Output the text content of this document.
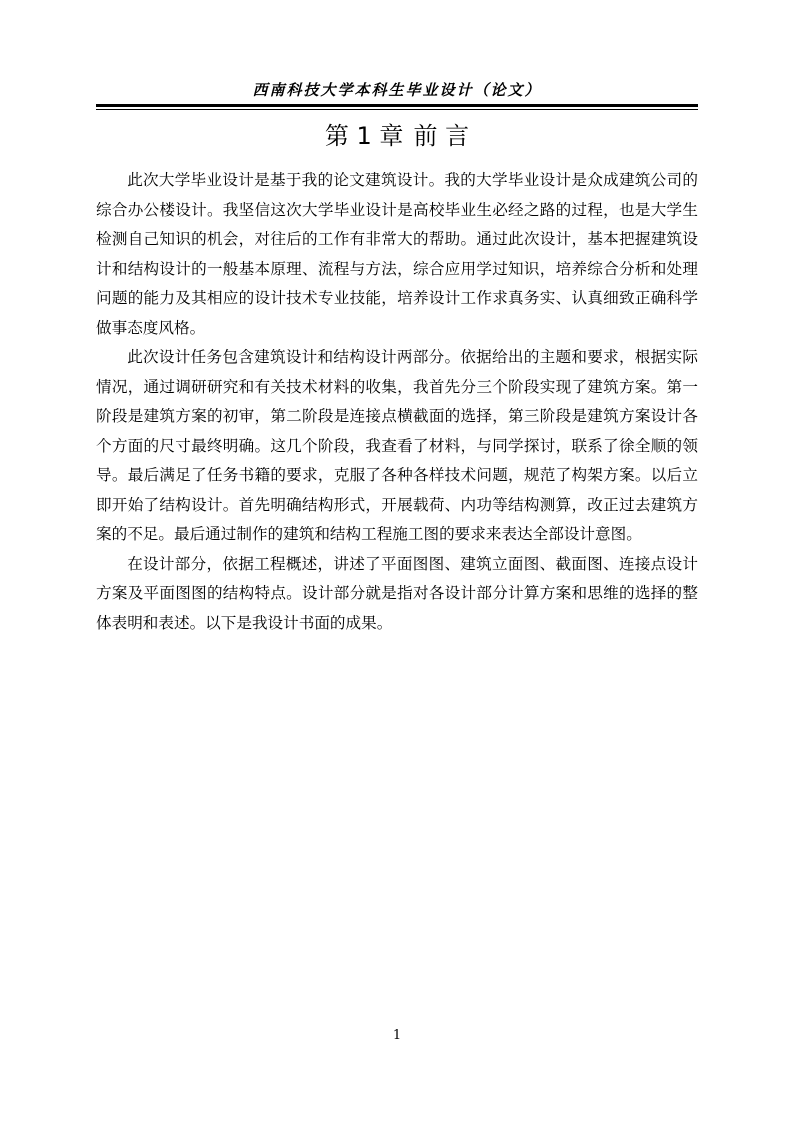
西南科技大学本科生毕业设计（论文）
第 1 章 前 言

此次大学毕业设计是基于我的论文建筑设计。我的大学毕业设计是众成建筑公司的综合办公楼设计。我坚信这次大学毕业设计是高校毕业生必经之路的过程，也是大学生检测自己知识的机会，对往后的工作有非常大的帮助。通过此次设计，基本把握建筑设计和结构设计的一般基本原理、流程与方法，综合应用学过知识，培养综合分析和处理问题的能力及其相应的设计技术专业技能，培养设计工作求真务实、认真细致正确科学做事态度风格。

此次设计任务包含建筑设计和结构设计两部分。依据给出的主题和要求，根据实际情况，通过调研研究和有关技术材料的收集，我首先分三个阶段实现了建筑方案。第一阶段是建筑方案的初审，第二阶段是连接点横截面的选择，第三阶段是建筑方案设计各个方面的尺寸最终明确。这几个阶段，我查看了材料，与同学探讨，联系了徐全顺的领导。最后满足了任务书籍的要求，克服了各种各样技术问题，规范了构架方案。以后立即开始了结构设计。首先明确结构形式，开展载荷、内功等结构测算，改正过去建筑方案的不足。最后通过制作的建筑和结构工程施工图的要求来表达全部设计意图。

在设计部分，依据工程概述，讲述了平面图图、建筑立面图、截面图、连接点设计方案及平面图图的结构特点。设计部分就是指对各设计部分计算方案和思维的选择的整体表明和表述。以下是我设计书面的成果。

1
